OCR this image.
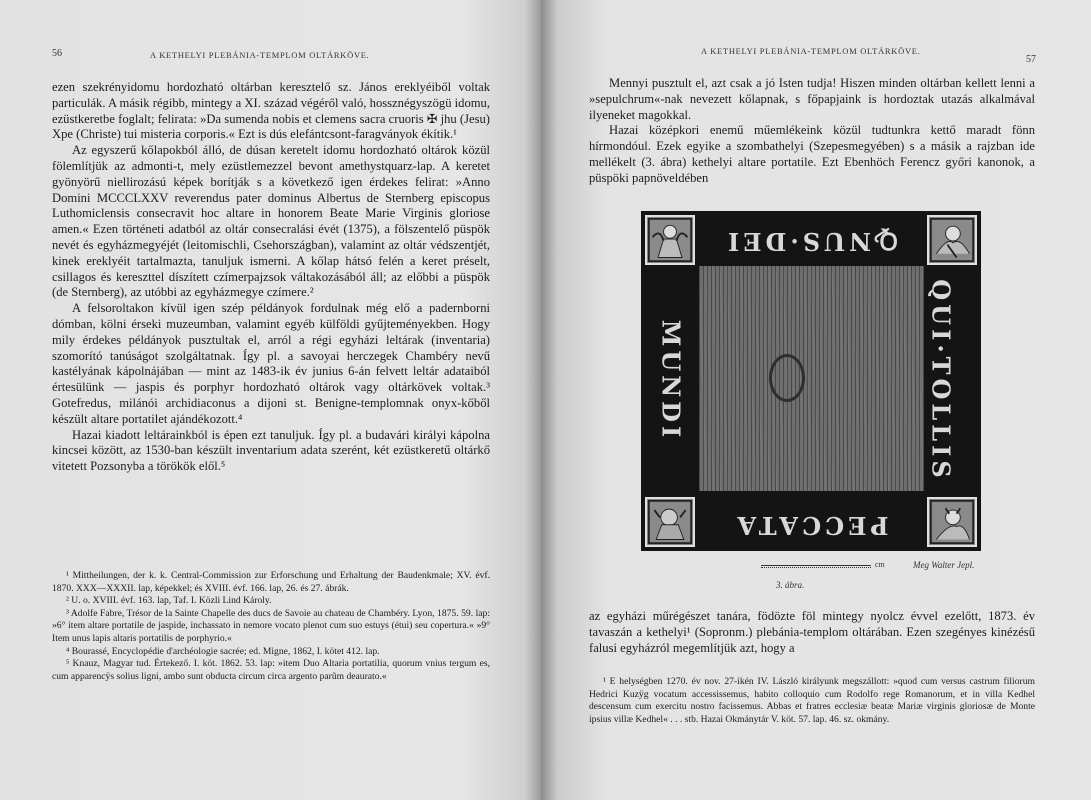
56	A KETHELYI PLEBÁNIA-TEMPLOM OLTÁRKÖVE.

ezen szekrényidomu hordozható oltárban keresztelő sz. János ereklyéiből voltak particulák. A másik régibb, mintegy a XI. század végéről való, hossznégyszögü idomu, ezüstkeretbe foglalt; felirata: »Da sumenda nobis et clemens sacra cruoris ✠ jhu (Jesu) Xpe (Christe) tui misteria corporis.« Ezt is dús elefántcsont-faragványok ékítik.¹

Az egyszerű kőlapokból álló, de dúsan keretelt idomu hordozható oltárok közül fölemlítjük az admonti-t, mely ezüstlemezzel bevont amethystquarz-lap. A keretet gyönyörű niellirozású képek borítják s a következő igen érdekes felirat: »Anno Domini MCCCLXXV reverendus pater dominus Albertus de Sternberg episcopus Luthomiclensis consecravit hoc altare in honorem Beate Marie Virginis gloriose amen.« Ezen történeti adatból az oltár consecralási évét (1375), a fölszentelő püspök nevét és egyházmegyéjét (leitomischli, Csehországban), valamint az oltár védszentjét, kinek ereklyéit tartalmazta, tanuljuk ismerni. A kőlap hátsó felén a keret préselt, csillagos és kereszttel díszített czímerpajzsok váltakozásából áll; az előbbi a püspök (de Sternberg), az utóbbi az egyházmegye czímere.²

A felsoroltakon kívül igen szép példányok fordulnak még elő a padernborni dómban, kölni érseki muzeumban, valamint egyéb külföldi gyűjteményekben. Hogy mily érdekes példányok pusztultak el, arról a régi egyházi leltárak (inventaria) szomorító tanúságot szolgáltatnak. Így pl. a savoyai herczegek Chambéry nevű kastélyának kápolnájában — mint az 1483-ik év junius 6-án felvett leltár adataiból értesülünk — jaspis és porphyr hordozható oltárok vagy oltárkövek voltak.³ Gotefredus, milánói archidiaconus a dijoni st. Benigne-templomnak onyx-kőből készült altare portatilet ajándékozott.⁴

Hazai kiadott leltárainkból is épen ezt tanuljuk. Így pl. a budavári királyi kápolna kincsei között, az 1530-ban készült inventarium adata szerént, két ezüstkeretű oltárkő vitetett Pozsonyba a törökök elől.⁵

¹ Mittheilungen, der k. k. Central-Commission zur Erforschung und Erhaltung der Baudenkmale; XV. évf. 1870. XXX—XXXII. lap, képekkel; és XVIII. évf. 166. lap, 26. és 27. ábrák.

² U. o. XVIII. évf. 163. lap, Taf. I. Közli Lind Károly.

³ Adolfe Fabre, Trésor de la Sainte Chapelle des ducs de Savoie au chateau de Chambéry. Lyon, 1875. 59. lap: »6° item altare portatile de jaspide, inchassato in nemore vocato plenot cum suo estuys (étui) seu copertura.« »9° Item unus lapis altaris portatilis de porphyrio.«

⁴ Bourassé, Encyclopédie d'archéologie sacrée; ed. Migne, 1862, I. kötet 412. lap.

⁵ Knauz, Magyar tud. Értekező. I. köt. 1862. 53. lap: »item Duo Altaria portatilia, quorum vnius tergum es, cum apparencÿs solius ligni, ambo sunt obducta circum circa argento parũm deaurato.«

A KETHELYI PLEBÁNIA-TEMPLOM OLTÁRKÖVE.
57

Mennyi pusztult el, azt csak a jó Isten tudja! Hiszen minden oltárban kellett lenni a »sepulchrum«-nak nevezett kőlapnak, s főpapjaink is hordoztak utazás alkalmával ilyeneket magokkal.

Hazai középkori enemű műemlékeink közül tudtunkra kettő maradt fönn hírmondóul. Ezek egyike a szombathelyi (Szepesmegyében) s a másik a rajzban ide mellékelt (3. ábra) kethelyi altare portatile. Ezt Ebenhöch Ferencz győri kanonok, a püspöki papnöveldében

ꝘNUS·DEI
PECCATA
QUI·TOLLIS
MUNDI
cm	Meg Walter Jepl.
3. ábra.

az egyházi műrégészet tanára, födözte föl mintegy nyolcz évvel ezelőtt, 1873. év tavaszán a kethelyi¹ (Sopronm.) plebánia-templom oltárában. Ezen szegényes kinézésű falusi egyházról megemlítjük azt, hogy a

¹ E helységben 1270. év nov. 27-ikén IV. László királyunk megszállott: »quod cum versus castrum filiorum Hedrici Kuzÿg vocatum accessissemus, habito colloquio cum Rodolfo rege Romanorum, et in villa Kedhel descensum cum exercitu nostro facissemus. Abbas et fratres ecclesiæ beatæ Mariæ virginis gloriosæ de Monte ipsius villæ Kedhel« . . . stb. Hazai Okmánytár V. köt. 57. lap. 46. sz. okmány.
